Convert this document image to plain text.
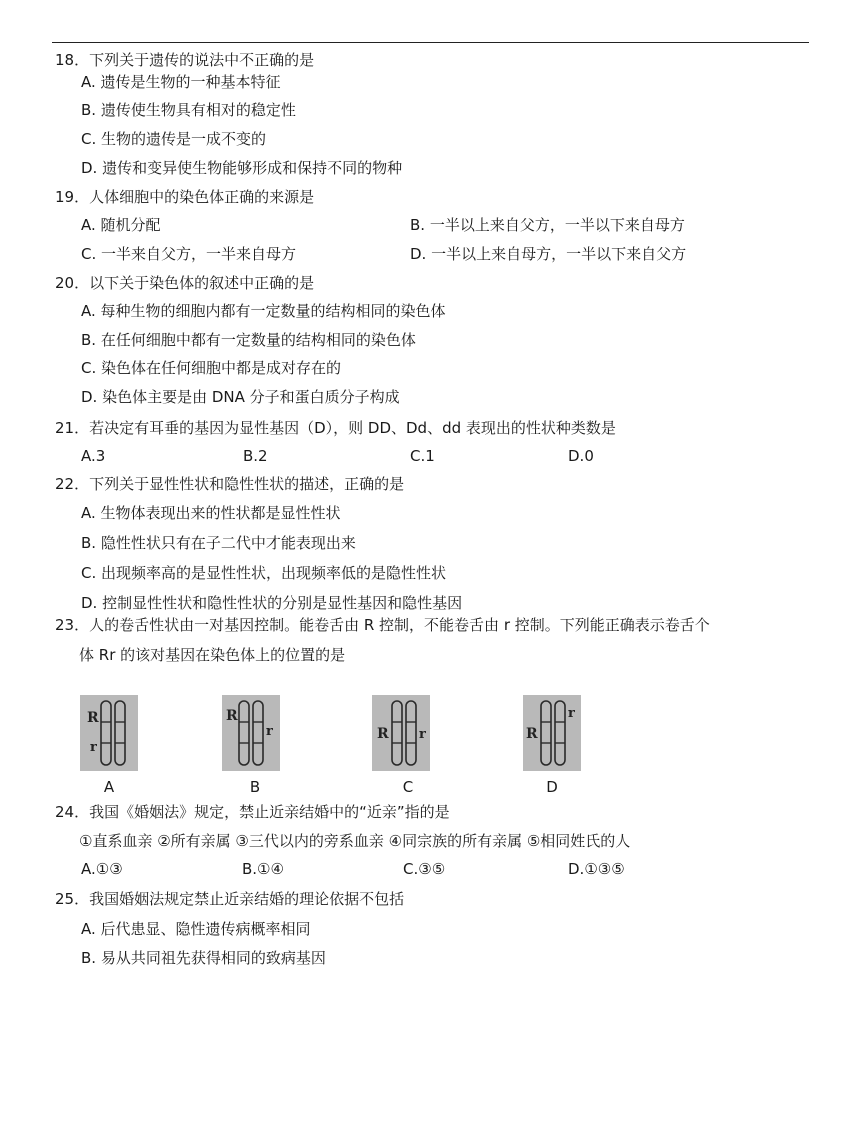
18．下列关于遗传的说法中不正确的是
A. 遗传是生物的一种基本特征
B. 遗传使生物具有相对的稳定性
C. 生物的遗传是一成不变的
D. 遗传和变异使生物能够形成和保持不同的物种
19．人体细胞中的染色体正确的来源是
A. 随机分配	B. 一半以上来自父方，一半以下来自母方
C. 一半来自父方，一半来自母方	D. 一半以上来自母方，一半以下来自父方
20．以下关于染色体的叙述中正确的是
A. 每种生物的细胞内都有一定数量的结构相同的染色体
B. 在任何细胞中都有一定数量的结构相同的染色体
C. 染色体在任何细胞中都是成对存在的
D. 染色体主要是由 DNA 分子和蛋白质分子构成
21．若决定有耳垂的基因为显性基因（D），则 DD、Dd、dd 表现出的性状种类数是
A.3	B.2	C.1	D.0
22．下列关于显性性状和隐性性状的描述，正确的是
A. 生物体表现出来的性状都是显性性状
B. 隐性性状只有在子二代中才能表现出来
C. 出现频率高的是显性性状，出现频率低的是隐性性状
D. 控制显性性状和隐性性状的分别是显性基因和隐性基因
23．人的卷舌性状由一对基因控制。能卷舌由 R 控制，不能卷舌由 r 控制。下列能正确表示卷舌个
体 Rr 的该对基因在染色体上的位置的是
R
r
A
R
r
B
R r
C
R
r
D
24．我国《婚姻法》规定，禁止近亲结婚中的“近亲”指的是
①直系血亲 ②所有亲属 ③三代以内的旁系血亲 ④同宗族的所有亲属 ⑤相同姓氏的人
A.①③	B.①④	C.③⑤	D.①③⑤
25．我国婚姻法规定禁止近亲结婚的理论依据不包括
A. 后代患显、隐性遗传病概率相同
B. 易从共同祖先获得相同的致病基因
